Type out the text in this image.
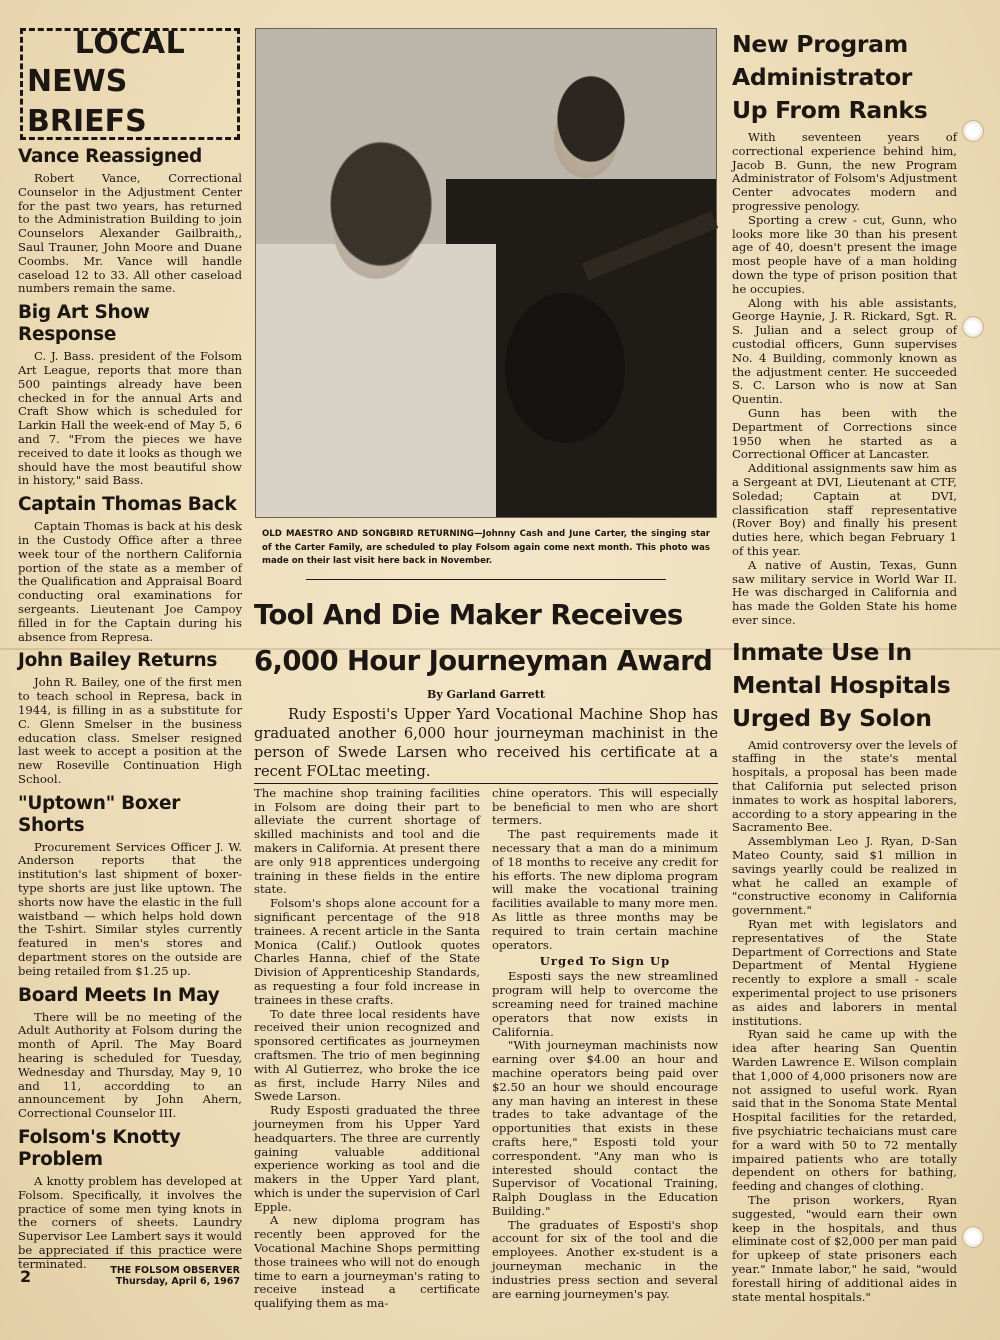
LOCAL
NEWS BRIEFS
Vance Reassigned

Robert Vance, Correctional Counselor in the Adjustment Center for the past two years, has returned to the Administration Building to join Counselors Alexander Gailbraith,, Saul Trauner, John Moore and Duane Coombs. Mr. Vance will handle caseload 12 to 33. All other caseload numbers remain the same.

Big Art Show Response

C. J. Bass. president of the Folsom Art League, reports that more than 500 paintings already have been checked in for the annual Arts and Craft Show which is scheduled for Larkin Hall the week-end of May 5, 6 and 7. "From the pieces we have received to date it looks as though we should have the most beautiful show in history," said Bass.

Captain Thomas Back

Captain Thomas is back at his desk in the Custody Office after a three week tour of the northern California portion of the state as a member of the Qualification and Appraisal Board conducting oral examinations for sergeants. Lieutenant Joe Campoy filled in for the Captain during his absence from Represa.

John Bailey Returns

John R. Bailey, one of the first men to teach school in Represa, back in 1944, is filling in as a substitute for C. Glenn Smelser in the business education class. Smelser resigned last week to accept a position at the new Roseville Continuation High School.

"Uptown" Boxer Shorts

Procurement Services Officer J. W. Anderson reports that the institution's last shipment of boxer-type shorts are just like uptown. The shorts now have the elastic in the full waistband — which helps hold down the T-shirt. Similar styles currently featured in men's stores and department stores on the outside are being retailed from $1.25 up.

Board Meets In May

There will be no meeting of the Adult Authority at Folsom during the month of April. The May Board hearing is scheduled for Tuesday, Wednesday and Thursday, May 9, 10 and 11, accordding to an announcement by John Ahern, Correctional Counselor III.

Folsom's Knotty Problem

A knotty problem has developed at Folsom. Specifically, it involves the practice of some men tying knots in the corners of sheets. Laundry Supervisor Lee Lambert says it would be appreciated if this practice were terminated.

2	THE FOLSOM OBSERVER
Thursday, April 6, 1967

OLD MAESTRO AND SONGBIRD RETURNING—Johnny Cash and June Carter, the singing star of the Carter Family, are scheduled to play Folsom again come next month. This photo was made on their last visit here back in November.

Tool And Die Maker Receives
6,000 Hour Journeyman Award
By Garland Garrett

Rudy Esposti's Upper Yard Vocational Machine Shop has graduated another 6,000 hour journeyman machinist in the person of Swede Larsen who received his certificate at a recent FOLtac meeting.

The machine shop training facilities in Folsom are doing their part to alleviate the current shortage of skilled machinists and tool and die makers in California. At present there are only 918 apprentices undergoing training in these fields in the entire state.

Folsom's shops alone account for a significant percentage of the 918 trainees. A recent article in the Santa Monica (Calif.) Outlook quotes Charles Hanna, chief of the State Division of Apprenticeship Standards, as requesting a four fold increase in trainees in these crafts.

To date three local residents have received their union recognized and sponsored certificates as journeymen craftsmen. The trio of men beginning with Al Gutierrez, who broke the ice as first, include Harry Niles and Swede Larson.

Rudy Esposti graduated the three journeymen from his Upper Yard headquarters. The three are currently gaining valuable additional experience working as tool and die makers in the Upper Yard plant, which is under the supervision of Carl Epple.

A new diploma program has recently been approved for the Vocational Machine Shops permitting those trainees who will not do enough time to earn a journeyman's rating to receive instead a certificate qualifying them as ma-

chine operators. This will especially be beneficial to men who are short termers.

The past requirements made it necessary that a man do a minimum of 18 months to receive any credit for his efforts. The new diploma program will make the vocational training facilities available to many more men. As little as three months may be required to train certain machine operators.

Urged To Sign Up

Esposti says the new streamlined program will help to overcome the screaming need for trained machine operators that now exists in California.

"With journeyman machinists now earning over $4.00 an hour and machine operators being paid over $2.50 an hour we should encourage any man having an interest in these trades to take advantage of the opportunities that exists in these crafts here," Esposti told your correspondent. "Any man who is interested should contact the Supervisor of Vocational Training, Ralph Douglass in the Education Building."

The graduates of Esposti's shop account for six of the tool and die employees. Another ex-student is a journeyman mechanic in the industries press section and several are earning journeymen's pay.

New Program
Administrator
Up From Ranks

With seventeen years of correctional experience behind him, Jacob B. Gunn, the new Program Administrator of Folsom's Adjustment Center advocates modern and progressive penology.

Sporting a crew - cut, Gunn, who looks more like 30 than his present age of 40, doesn't present the image most people have of a man holding down the type of prison position that he occupies.

Along with his able assistants, George Haynie, J. R. Rickard, Sgt. R. S. Julian and a select group of custodial officers, Gunn supervises No. 4 Building, commonly known as the adjustment center. He succeeded S. C. Larson who is now at San Quentin.

Gunn has been with the Department of Corrections since 1950 when he started as a Correctional Officer at Lancaster.

Additional assignments saw him as a Sergeant at DVI, Lieutenant at CTF, Soledad; Captain at DVI, classification staff representative (Rover Boy) and finally his present duties here, which began February 1 of this year.

A native of Austin, Texas, Gunn saw military service in World War II. He was discharged in California and has made the Golden State his home ever since.

Inmate Use In
Mental Hospitals
Urged By Solon

Amid controversy over the levels of staffing in the state's mental hospitals, a proposal has been made that California put selected prison inmates to work as hospital laborers, according to a story appearing in the Sacramento Bee.

Assemblyman Leo J. Ryan, D-San Mateo County, said $1 million in savings yearlly could be realized in what he called an example of "constructive economy in California government."

Ryan met with legislators and representatives of the State Department of Corrections and State Department of Mental Hygiene recently to explore a small - scale experimental project to use prisoners as aides and laborers in mental institutions.

Ryan said he came up with the idea after hearing San Quentin Warden Lawrence E. Wilson complain that 1,000 of 4,000 prisoners now are not assigned to useful work. Ryan said that in the Sonoma State Mental Hospital facilities for the retarded, five psychiatric techaicians must care for a ward with 50 to 72 mentally impaired patients who are totally dependent on others for bathing, feeding and changes of clothing.

The prison workers, Ryan suggested, "would earn their own keep in the hospitals, and thus eliminate cost of $2,000 per man paid for upkeep of state prisoners each year." Inmate labor," he said, "would forestall hiring of additional aides in state mental hospitals."
